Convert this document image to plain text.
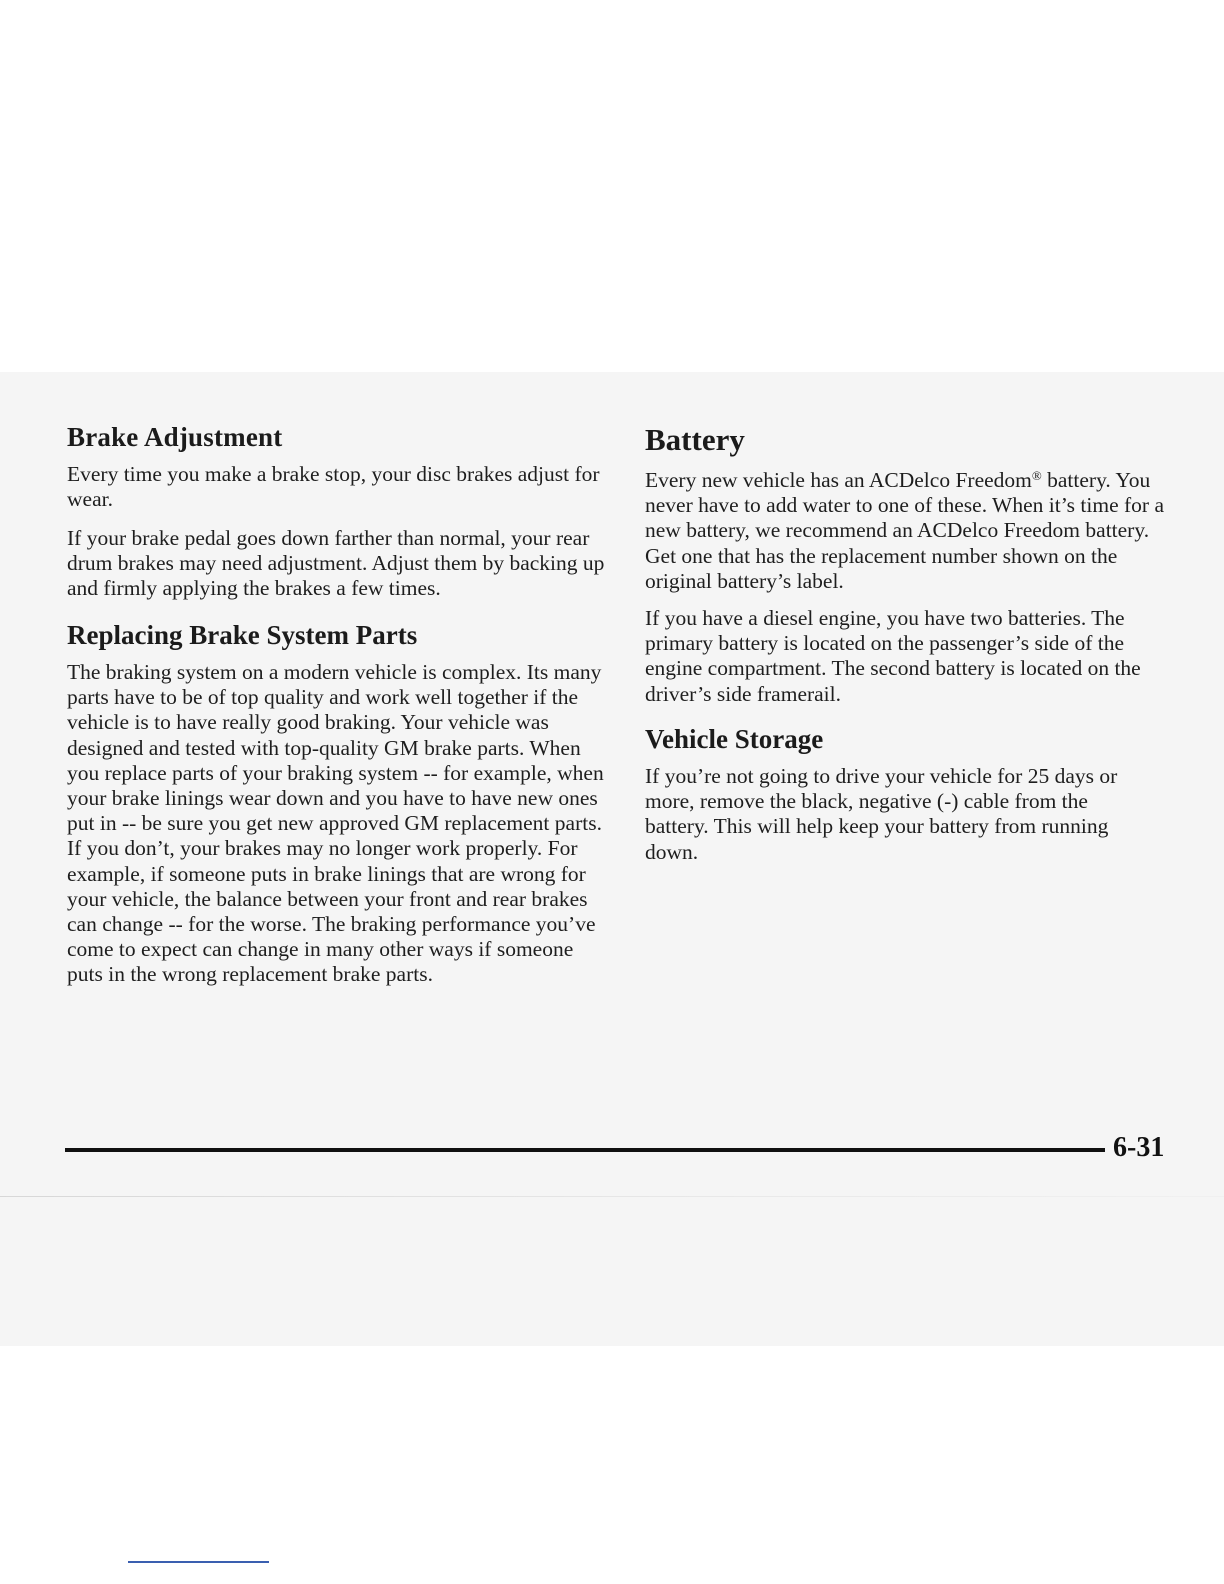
Brake Adjustment

Every time you make a brake stop, your disc brakes adjust for wear.

If your brake pedal goes down farther than normal, your rear drum brakes may need adjustment. Adjust them by backing up and firmly applying the brakes a few times.

Replacing Brake System Parts

The braking system on a modern vehicle is complex. Its many parts have to be of top quality and work well together if the vehicle is to have really good braking. Your vehicle was designed and tested with top-quality GM brake parts. When you replace parts of your braking system -- for example, when your brake linings wear down and you have to have new ones put in -- be sure you get new approved GM replacement parts. If you don’t, your brakes may no longer work properly. For example, if someone puts in brake linings that are wrong for your vehicle, the balance between your front and rear brakes can change -- for the worse. The braking performance you’ve come to expect can change in many other ways if someone puts in the wrong replacement brake parts.

Battery

Every new vehicle has an ACDelco Freedom® battery. You never have to add water to one of these. When it’s time for a new battery, we recommend an ACDelco Freedom battery. Get one that has the replacement number shown on the original battery’s label.

If you have a diesel engine, you have two batteries. The primary battery is located on the passenger’s side of the engine compartment. The second battery is located on the driver’s side framerail.

Vehicle Storage

If you’re not going to drive your vehicle for 25 days or more, remove the black, negative (-) cable from the battery. This will help keep your battery from running down.

6-31
